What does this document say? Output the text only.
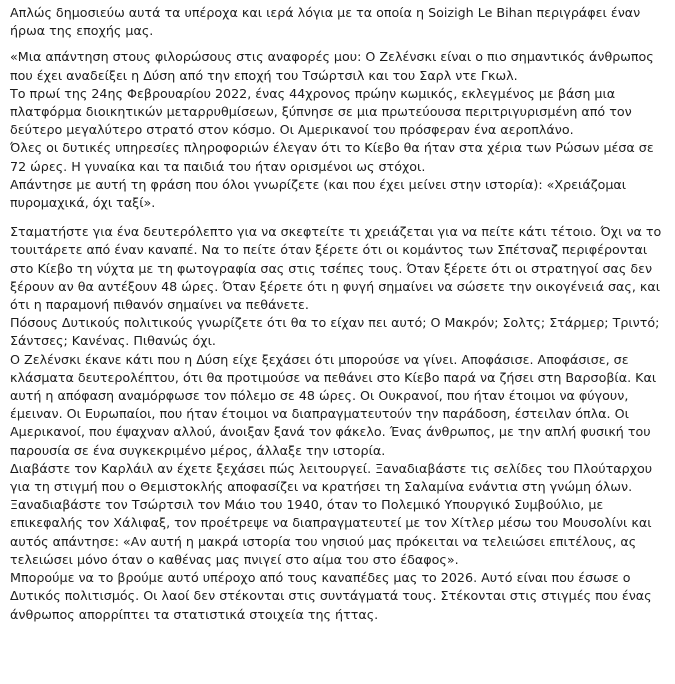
Απλώς δημοσιεύω αυτά τα υπέροχα και ιερά λόγια με τα οποία η Soizigh Le Bihan περιγράφει έναν ήρωα της εποχής μας.

«Μια απάντηση στους φιλορώσους στις αναφορές μου: Ο Ζελένσκι είναι ο πιο σημαντικός άνθρωπος που έχει αναδείξει η Δύση από την εποχή του Τσώρτσιλ και του Σαρλ ντε Γκωλ.

Το πρωί της 24ης Φεβρουαρίου 2022, ένας 44χρονος πρώην κωμικός, εκλεγμένος με βάση μια πλατφόρμα διοικητικών μεταρρυθμίσεων, ξύπνησε σε μια πρωτεύουσα περιτριγυρισμένη από τον δεύτερο μεγαλύτερο στρατό στον κόσμο. Οι Αμερικανοί του πρόσφεραν ένα αεροπλάνο.

Όλες οι δυτικές υπηρεσίες πληροφοριών έλεγαν ότι το Κίεβο θα ήταν στα χέρια των Ρώσων μέσα σε 72 ώρες. Η γυναίκα και τα παιδιά του ήταν ορισμένοι ως στόχοι.

Απάντησε με αυτή τη φράση που όλοι γνωρίζετε (και που έχει μείνει στην ιστορία): «Χρειάζομαι πυρομαχικά, όχι ταξί».

Σταματήστε για ένα δευτερόλεπτο για να σκεφτείτε τι χρειάζεται για να πείτε κάτι τέτοιο. Όχι να το τουιτάρετε από έναν καναπέ. Να το πείτε όταν ξέρετε ότι οι κομάντος των Σπέτσναζ περιφέρονται στο Κίεβο τη νύχτα με τη φωτογραφία σας στις τσέπες τους. Όταν ξέρετε ότι οι στρατηγοί σας δεν ξέρουν αν θα αντέξουν 48 ώρες. Όταν ξέρετε ότι η φυγή σημαίνει να σώσετε την οικογένειά σας, και ότι η παραμονή πιθανόν σημαίνει να πεθάνετε.

Πόσους Δυτικούς πολιτικούς γνωρίζετε ότι θα το είχαν πει αυτό; Ο Μακρόν; Σολτς; Στάρμερ; Τριντό; Σάντσες; Κανένας. Πιθανώς όχι.

Ο Ζελένσκι έκανε κάτι που η Δύση είχε ξεχάσει ότι μπορούσε να γίνει. Αποφάσισε. Αποφάσισε, σε κλάσματα δευτερολέπτου, ότι θα προτιμούσε να πεθάνει στο Κίεβο παρά να ζήσει στη Βαρσοβία. Και αυτή η απόφαση αναμόρφωσε τον πόλεμο σε 48 ώρες. Οι Ουκρανοί, που ήταν έτοιμοι να φύγουν, έμειναν. Οι Ευρωπαίοι, που ήταν έτοιμοι να διαπραγματευτούν την παράδοση, έστειλαν όπλα. Οι Αμερικανοί, που έψαχναν αλλού, άνοιξαν ξανά τον φάκελο. Ένας άνθρωπος, με την απλή φυσική του παρουσία σε ένα συγκεκριμένο μέρος, άλλαξε την ιστορία.

Διαβάστε τον Καρλάιλ αν έχετε ξεχάσει πώς λειτουργεί. Ξαναδιαβάστε τις σελίδες του Πλούταρχου για τη στιγμή που ο Θεμιστοκλής αποφασίζει να κρατήσει τη Σαλαμίνα ενάντια στη γνώμη όλων. Ξαναδιαβάστε τον Τσώρτσιλ τον Μάιο του 1940, όταν το Πολεμικό Υπουργικό Συμβούλιο, με επικεφαλής τον Χάλιφαξ, τον προέτρεψε να διαπραγματευτεί με τον Χίτλερ μέσω του Μουσολίνι και αυτός απάντησε: «Αν αυτή η μακρά ιστορία του νησιού μας πρόκειται να τελειώσει επιτέλους, ας τελειώσει μόνο όταν ο καθένας μας πνιγεί στο αίμα του στο έδαφος».

Μπορούμε να το βρούμε αυτό υπέροχο από τους καναπέδες μας το 2026. Αυτό είναι που έσωσε ο Δυτικός πολιτισμός. Οι λαοί δεν στέκονται στις συντάγματά τους. Στέκονται στις στιγμές που ένας άνθρωπος απορρίπτει τα στατιστικά στοιχεία της ήττας.
